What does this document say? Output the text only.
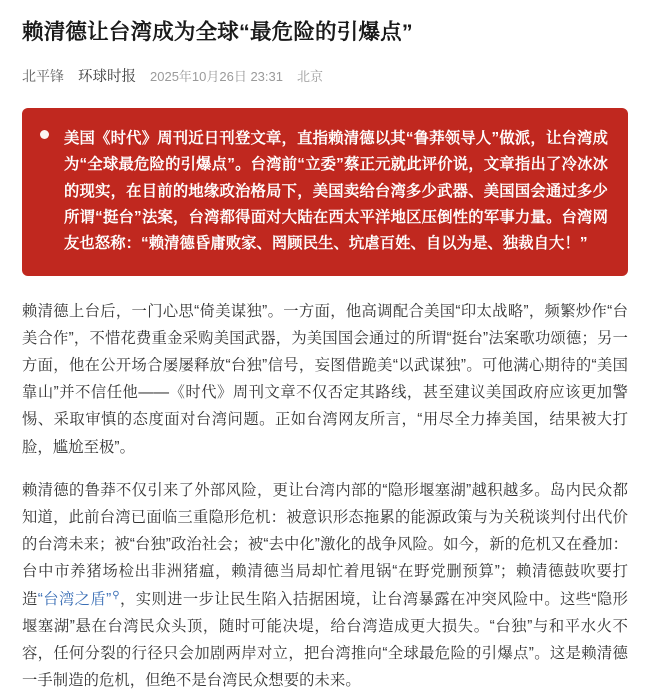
赖清德让台湾成为全球“最危险的引爆点”
北平锋 环球时报 2025年10月26日 23:31 北京
美国《时代》周刊近日刊登文章，直指赖清德以其“鲁莽领导人”做派，让台湾成为“全球最危险的引爆点”。台湾前“立委”蔡正元就此评价说，文章指出了冷冰冰的现实，在目前的地缘政治格局下，美国卖给台湾多少武器、美国国会通过多少所谓“挺台”法案，台湾都得面对大陆在西太平洋地区压倒性的军事力量。台湾网友也怒称：“赖清德昏庸败家、罔顾民生、坑虐百姓、自以为是、独裁自大！”

赖清德上台后，一门心思“倚美谋独”。一方面，他高调配合美国“印太战略”，频繁炒作“台美合作”，不惜花费重金采购美国武器，为美国国会通过的所谓“挺台”法案歌功颂德；另一方面，他在公开场合屡屡释放“台独”信号，妄图借跪美“以武谋独”。可他满心期待的“美国靠山”并不信任他——《时代》周刊文章不仅否定其路线，甚至建议美国政府应该更加警惕、采取审慎的态度面对台湾问题。正如台湾网友所言，“用尽全力捧美国，结果被大打脸，尴尬至极”。

赖清德的鲁莽不仅引来了外部风险，更让台湾内部的“隐形堰塞湖”越积越多。岛内民众都知道，此前台湾已面临三重隐形危机：被意识形态拖累的能源政策与为关税谈判付出代价的台湾未来；被“台独”政治社会；被“去中化”激化的战争风险。如今，新的危机又在叠加：台中市养猪场检出非洲猪瘟，赖清德当局却忙着甩锅“在野党删预算”；赖清德鼓吹要打造“台湾之盾”⚲，实则进一步让民生陷入拮据困境，让台湾暴露在冲突风险中。这些“隐形堰塞湖”悬在台湾民众头顶，随时可能决堤，给台湾造成更大损失。“台独”与和平水火不容，任何分裂的行径只会加剧两岸对立，把台湾推向“全球最危险的引爆点”。这是赖清德一手制造的危机，但绝不是台湾民众想要的未来。
